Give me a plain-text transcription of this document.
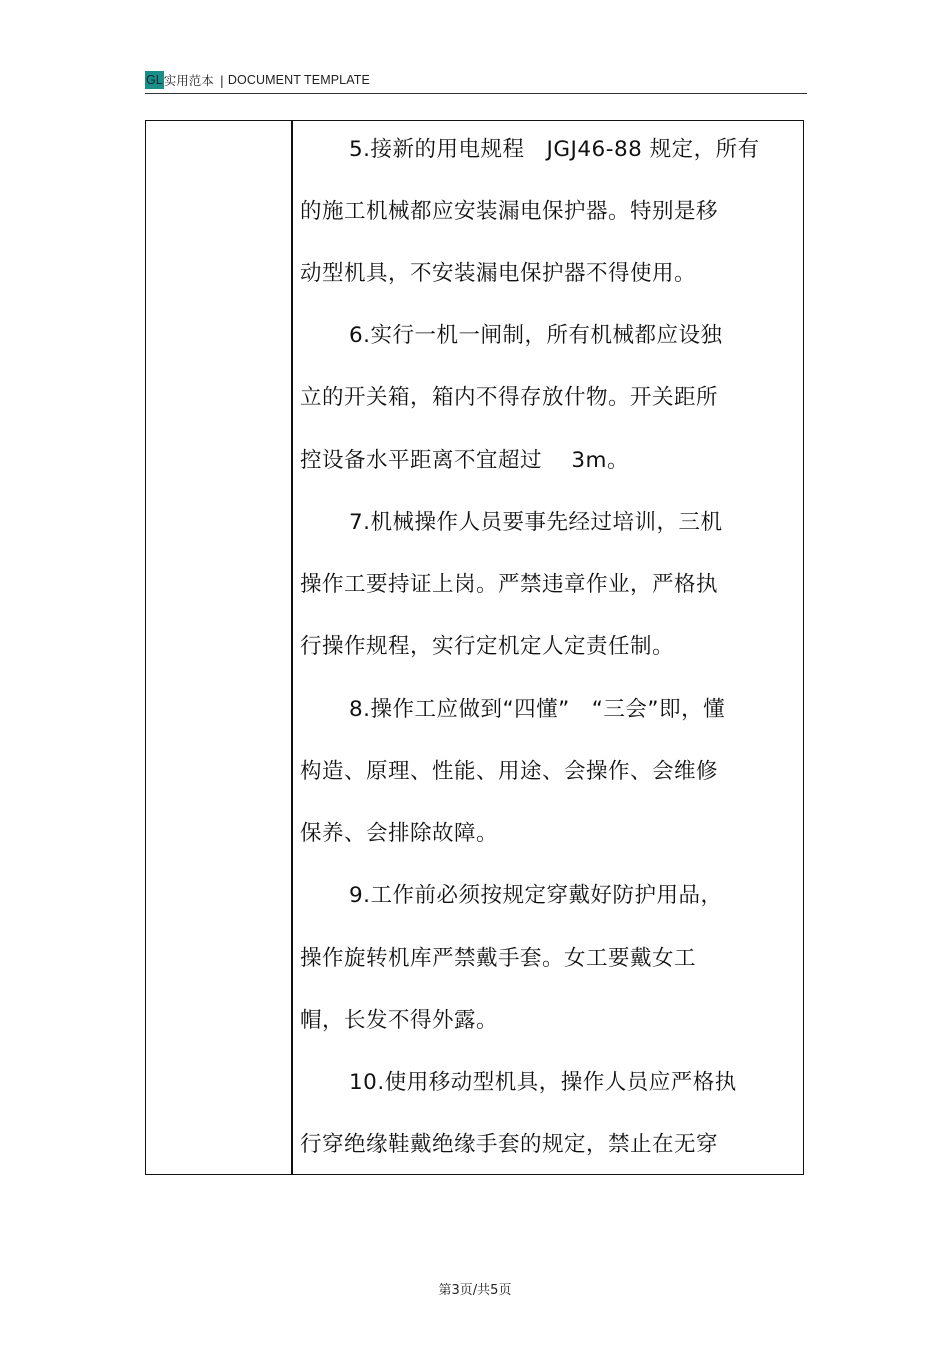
GL 实用范本 | DOCUMENT TEMPLATE
5.接新的用电规程　JGJ46-88 规定，所有
的施工机械都应安装漏电保护器。特别是移
动型机具，不安装漏电保护器不得使用。
6.实行一机一闸制，所有机械都应设独
立的开关箱，箱内不得存放什物。开关距所
控设备水平距离不宜超过　 3m。
7.机械操作人员要事先经过培训，三机
操作工要持证上岗。严禁违章作业，严格执
行操作规程，实行定机定人定责任制。
8.操作工应做到“四懂”　“三会”即，懂
构造、原理、性能、用途、会操作、会维修
保养、会排除故障。
9.工作前必须按规定穿戴好防护用品，
操作旋转机库严禁戴手套。女工要戴女工
帽，长发不得外露。
10.使用移动型机具，操作人员应严格执
行穿绝缘鞋戴绝缘手套的规定，禁止在无穿
第3页/共5页
